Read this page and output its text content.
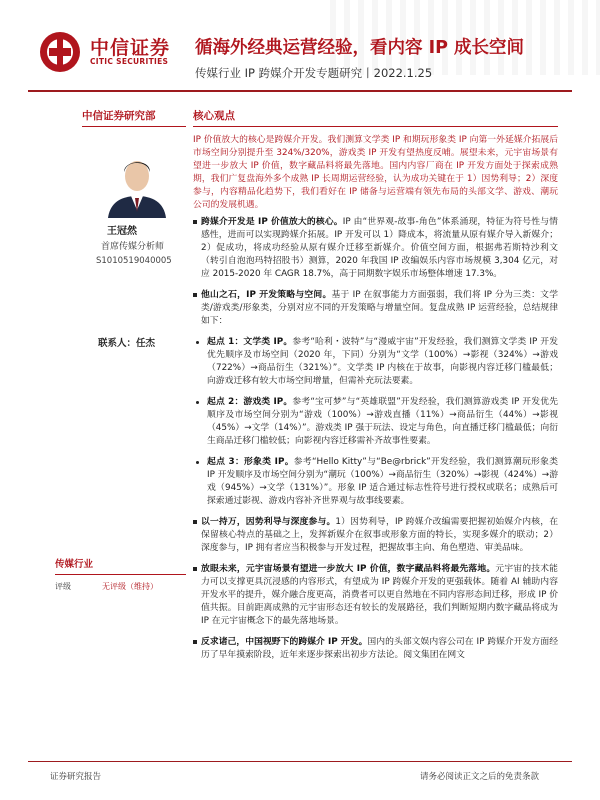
中信证券
CITIC SECURITIES
循海外经典运营经验，看内容 IP 成长空间
传媒行业 IP 跨媒介开发专题研究丨2022.1.25
中信证券研究部
王冠然
首席传媒分析师
S1010519040005
联系人：任杰
传媒行业
评级	无评级（维持）
核心观点

IP 价值放大的核心是跨媒介开发。我们测算文学类 IP 和期玩形象类 IP 向第一外延媒介拓展后市场空间分别提升至 324%/320%，游戏类 IP 开发有望热度反哺。展望未来，元宇宙场景有望进一步放大 IP 价值，数字藏品料将最先落地。国内内容厂商在 IP 开发方面处于探索成熟期，我们广复盘海外多个成熟 IP 长周期运营经验，认为成功关键在于 1）因势利导；2）深度参与，内容精品化趋势下，我们看好在 IP 储备与运营端有领先布局的头部文学、游戏、潮玩公司的发展机遇。

跨媒介开发是 IP 价值放大的核心。IP 由“世界观-故事-角色”体系涌现，特征为符号性与情感性，进而可以实现跨媒介拓展。IP 开发可以 1）降成本，将流量从原有媒介导入新媒介；2）促成功，将成功经验从原有媒介迁移至新媒介。价值空间方面，根据弗若斯特沙利文（转引自泡泡玛特招股书）测算，2020 年我国 IP 改编娱乐内容市场规模 3,304 亿元，对应 2015-2020 年 CAGR 18.7%，高于同期数字娱乐市场整体增速 17.3%。

他山之石，IP 开发策略与空间。基于 IP 在叙事能力方面强弱，我们将 IP 分为三类：文学类/游戏类/形象类，分别对应不同的开发策略与增量空间。复盘成熟 IP 运营经验，总结规律如下：

起点 1：文学类 IP。参考“哈利・波特”与“漫威宇宙”开发经验，我们测算文学类 IP 开发优先顺序及市场空间（2020 年，下同）分别为“文学（100%）→影视（324%）→游戏（722%）→商品衍生（321%）”。文学类 IP 内核在于故事，向影视内容迁移门槛最低；向游戏迁移有较大市场空间增量，但需补充玩法要素。

起点 2：游戏类 IP。参考“宝可梦”与“英雄联盟”开发经验，我们测算游戏类 IP 开发优先顺序及市场空间分别为“游戏（100%）→游戏直播（11%）→商品衍生（44%）→影视（45%）→文学（14%）”。游戏类 IP 强于玩法、设定与角色，向直播迁移门槛最低；向衍生商品迁移门槛较低；向影视内容迁移需补齐故事性要素。

起点 3：形象类 IP。参考“Hello Kitty”与“Be@rbrick”开发经验，我们测算潮玩形象类 IP 开发顺序及市场空间分别为“潮玩（100%）→商品衍生（320%）→影视（424%）→游戏（945%）→文学（131%）”。形象 IP 适合通过标志性符号进行授权或联名；成熟后可探索通过影视、游戏内容补齐世界观与故事线要素。

以一持万，因势利导与深度参与。1）因势利导，IP 跨媒介改编需要把握初始媒介内核，在保留核心特点的基础之上，发挥新媒介在叙事或形象方面的特长，实现多媒介的联动；2）深度参与，IP 拥有者应当积极参与开发过程，把握故事主向、角色塑造、审美品味。

放眼未来，元宇宙场景有望进一步放大 IP 价值，数字藏品料将最先落地。元宇宙的技术能力可以支撑更具沉浸感的内容形式，有望成为 IP 跨媒介开发的更强载体。随着 AI 辅助内容开发水平的提升，媒介融合度更高，消费者可以更自然地在不同内容形态间迁移，形成 IP 价值共振。目前距离成熟的元宇宙形态还有较长的发展路径，我们判断短期内数字藏品将成为 IP 在元宇宙概念下的最先落地场景。

反求诸己，中国视野下的跨媒介 IP 开发。国内的头部文娱内容公司在 IP 跨媒介开发方面经历了早年摸索阶段，近年来逐步探索出初步方法论。阅文集团在网文

证券研究报告	请务必阅读正文之后的免责条款
